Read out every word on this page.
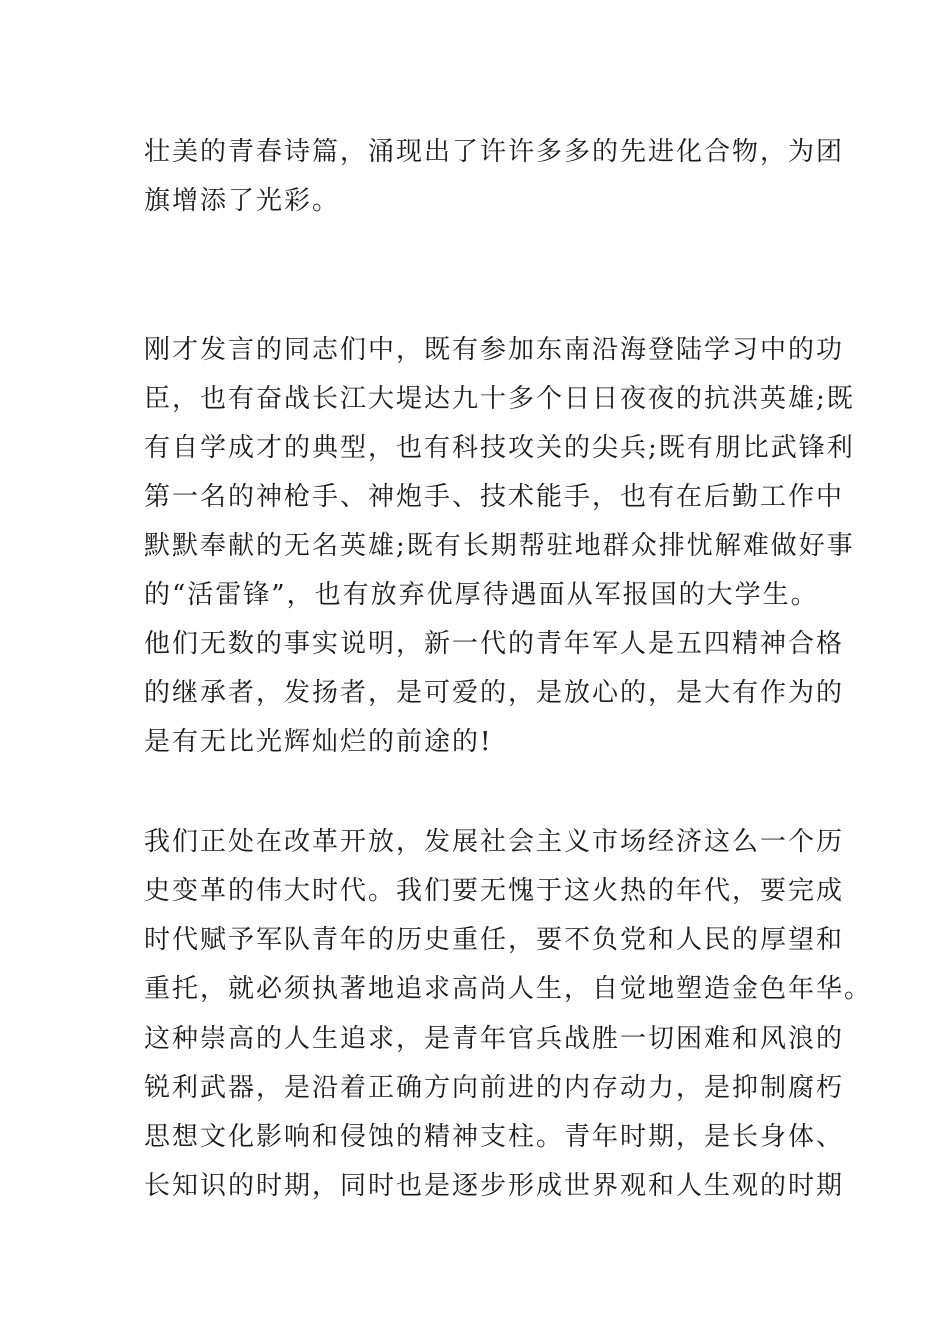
壮美的青春诗篇，涌现出了许许多多的先进化合物，为团
旗增添了光彩。
刚才发言的同志们中，既有参加东南沿海登陆学习中的功
臣，也有奋战长江大堤达九十多个日日夜夜的抗洪英雄;既
有自学成才的典型，也有科技攻关的尖兵;既有朋比武锋利
第一名的神枪手、神炮手、技术能手，也有在后勤工作中
默默奉献的无名英雄;既有长期帮驻地群众排忧解难做好事
的“活雷锋”，也有放弃优厚待遇面从军报国的大学生。
他们无数的事实说明，新一代的青年军人是五四精神合格
的继承者，发扬者，是可爱的，是放心的，是大有作为的
是有无比光辉灿烂的前途的!
我们正处在改革开放，发展社会主义市场经济这么一个历
史变革的伟大时代。我们要无愧于这火热的年代，要完成
时代赋予军队青年的历史重任，要不负党和人民的厚望和
重托，就必须执著地追求高尚人生，自觉地塑造金色年华。
这种崇高的人生追求，是青年官兵战胜一切困难和风浪的
锐利武器，是沿着正确方向前进的内存动力，是抑制腐朽
思想文化影响和侵蚀的精神支柱。青年时期，是长身体、
长知识的时期，同时也是逐步形成世界观和人生观的时期
